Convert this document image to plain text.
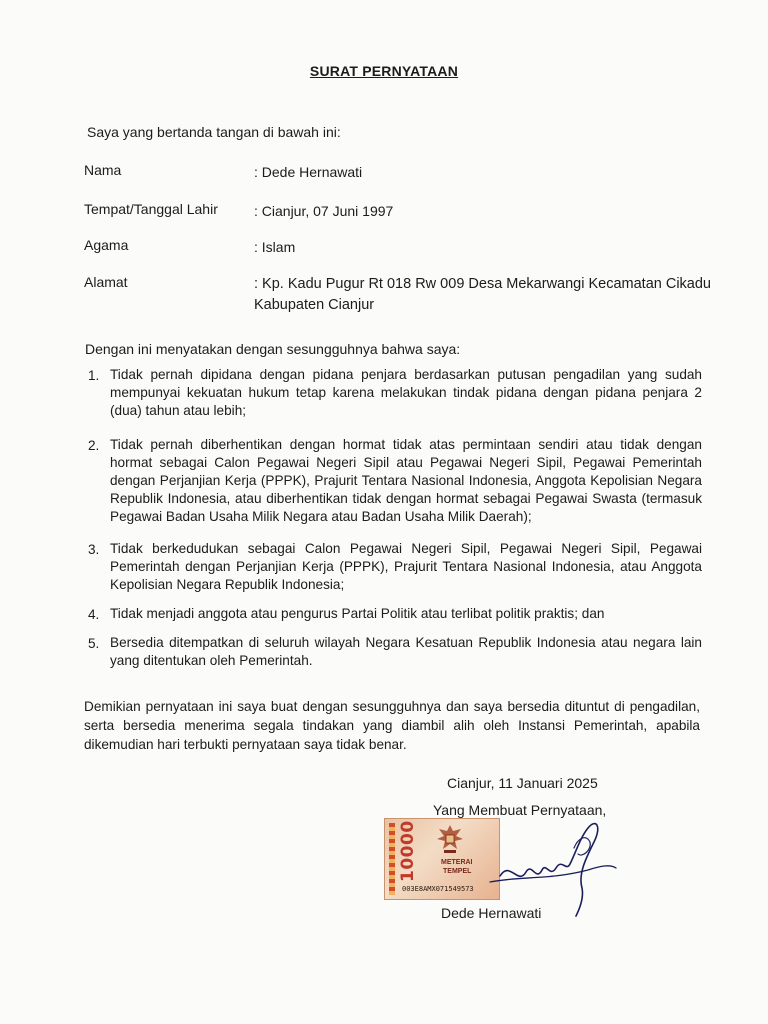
SURAT PERNYATAAN
Saya yang bertanda tangan di bawah ini:
Nama	: Dede Hernawati
Tempat/Tanggal Lahir	: Cianjur, 07 Juni 1997
Agama	: Islam
Alamat	: Kp. Kadu Pugur Rt 018 Rw 009 Desa Mekarwangi Kecamatan Cikadu Kabupaten Cianjur
Dengan ini menyatakan dengan sesungguhnya bahwa saya:
1. Tidak pernah dipidana dengan pidana penjara berdasarkan putusan pengadilan yang sudah mempunyai kekuatan hukum tetap karena melakukan tindak pidana dengan pidana penjara 2 (dua) tahun atau lebih;
2. Tidak pernah diberhentikan dengan hormat tidak atas permintaan sendiri atau tidak dengan hormat sebagai Calon Pegawai Negeri Sipil atau Pegawai Negeri Sipil, Pegawai Pemerintah dengan Perjanjian Kerja (PPPK), Prajurit Tentara Nasional Indonesia, Anggota Kepolisian Negara Republik Indonesia, atau diberhentikan tidak dengan hormat sebagai Pegawai Swasta (termasuk Pegawai Badan Usaha Milik Negara atau Badan Usaha Milik Daerah);
3. Tidak berkedudukan sebagai Calon Pegawai Negeri Sipil, Pegawai Negeri Sipil, Pegawai Pemerintah dengan Perjanjian Kerja (PPPK), Prajurit Tentara Nasional Indonesia, atau Anggota Kepolisian Negara Republik Indonesia;
4. Tidak menjadi anggota atau pengurus Partai Politik atau terlibat politik praktis; dan
5. Bersedia ditempatkan di seluruh wilayah Negara Kesatuan Republik Indonesia atau negara lain yang ditentukan oleh Pemerintah.
Demikian pernyataan ini saya buat dengan sesungguhnya dan saya bersedia dituntut di pengadilan, serta bersedia menerima segala tindakan yang diambil alih oleh Instansi Pemerintah, apabila dikemudian hari terbukti pernyataan saya tidak benar.
Cianjur, 11 Januari 2025
Yang Membuat Pernyataan,
10000	METERAI
TEMPEL
003E8AMX071549573
Dede Hernawati
